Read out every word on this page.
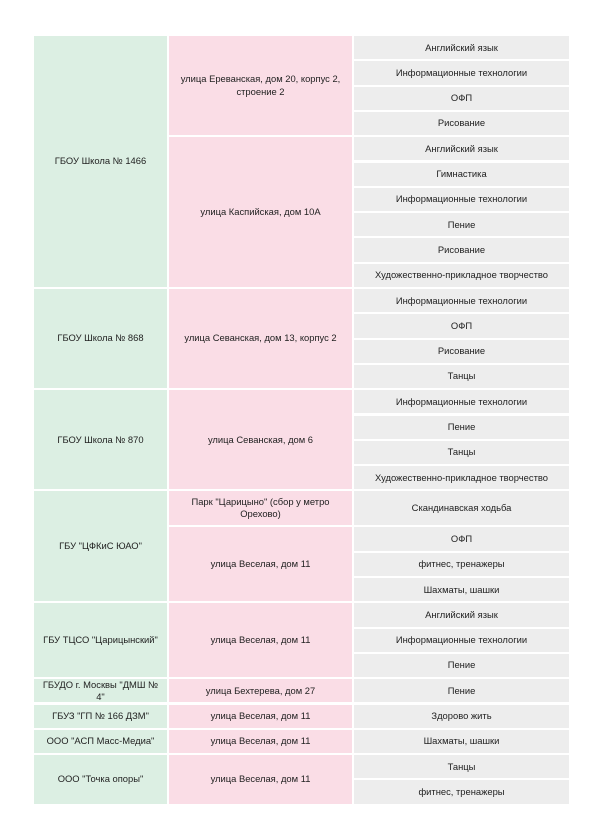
Английский язык
Информационные технологии
ОФП
Рисование
улица Ереванская, дом 20, корпус 2, строение 2
Английский язык
Гимнастика
Информационные технологии
Пение
Рисование
Художественно-прикладное творчество
улица Каспийская, дом 10А
ГБОУ Школа № 1466
Информационные технологии
ОФП
Рисование
Танцы
улица Севанская, дом 13, корпус 2
ГБОУ Школа № 868
Информационные технологии
Пение
Танцы
Художественно-прикладное творчество
улица Севанская, дом 6
ГБОУ Школа № 870
Скандинавская ходьба
Парк "Царицыно" (сбор у метро Орехово)
ОФП
фитнес, тренажеры
Шахматы, шашки
улица Веселая, дом 11
ГБУ "ЦФКиС ЮАО"
Английский язык
Информационные технологии
Пение
улица Веселая, дом 11
ГБУ ТЦСО "Царицынский"
Пение
улица Бехтерева, дом 27
ГБУДО г. Москвы "ДМШ № 4"
Здорово жить
улица Веселая, дом 11
ГБУЗ "ГП № 166 ДЗМ"
Шахматы, шашки
улица Веселая, дом 11
ООО "АСП Масс-Медиа"
Танцы
фитнес, тренажеры
улица Веселая, дом 11
ООО "Точка опоры"
